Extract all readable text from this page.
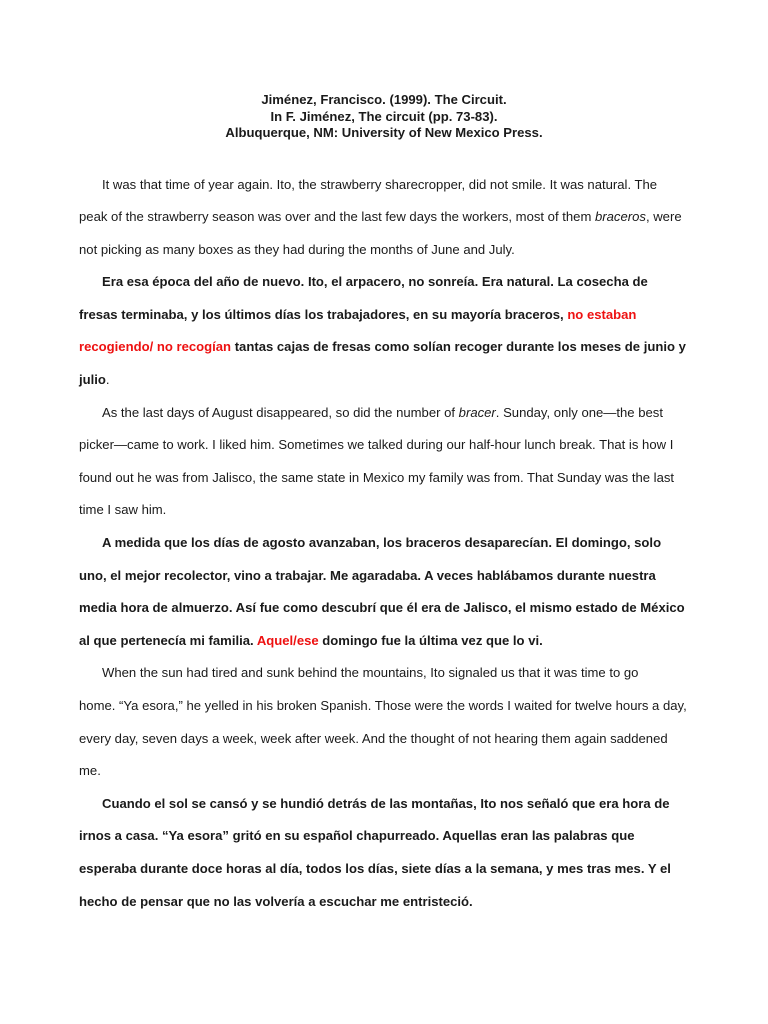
Jiménez, Francisco. (1999). The Circuit.
In F. Jiménez, The circuit (pp. 73-83).
Albuquerque, NM: University of New Mexico Press.

It was that time of year again. Ito, the strawberry sharecropper, did not smile. It was natural. The peak of the strawberry season was over and the last few days the workers, most of them braceros, were not picking as many boxes as they had during the months of June and July.

Era esa época del año de nuevo. Ito, el arpacero, no sonreía. Era natural. La cosecha de fresas terminaba, y los últimos días los trabajadores, en su mayoría braceros, no estaban recogiendo/ no recogían tantas cajas de fresas como solían recoger durante los meses de junio y julio.

As the last days of August disappeared, so did the number of bracer. Sunday, only one—the best picker—came to work. I liked him. Sometimes we talked during our half-hour lunch break. That is how I found out he was from Jalisco, the same state in Mexico my family was from. That Sunday was the last time I saw him.

A medida que los días de agosto avanzaban, los braceros desaparecían. El domingo, solo uno, el mejor recolector, vino a trabajar. Me agaradaba. A veces hablábamos durante nuestra media hora de almuerzo. Así fue como descubrí que él era de Jalisco, el mismo estado de México al que pertenecía mi familia. Aquel/ese domingo fue la última vez que lo vi.

When the sun had tired and sunk behind the mountains, Ito signaled us that it was time to go
home. “Ya esora,” he yelled in his broken Spanish. Those were the words I waited for twelve hours a day, every day, seven days a week, week after week. And the thought of not hearing them again saddened me.

Cuando el sol se cansó y se hundió detrás de las montañas, Ito nos señaló que era hora de irnos a casa. “Ya esora” gritó en su español chapurreado. Aquellas eran las palabras que esperaba durante doce horas al día, todos los días, siete días a la semana, y mes tras mes. Y el hecho de pensar que no las volvería a escuchar me entristeció.
